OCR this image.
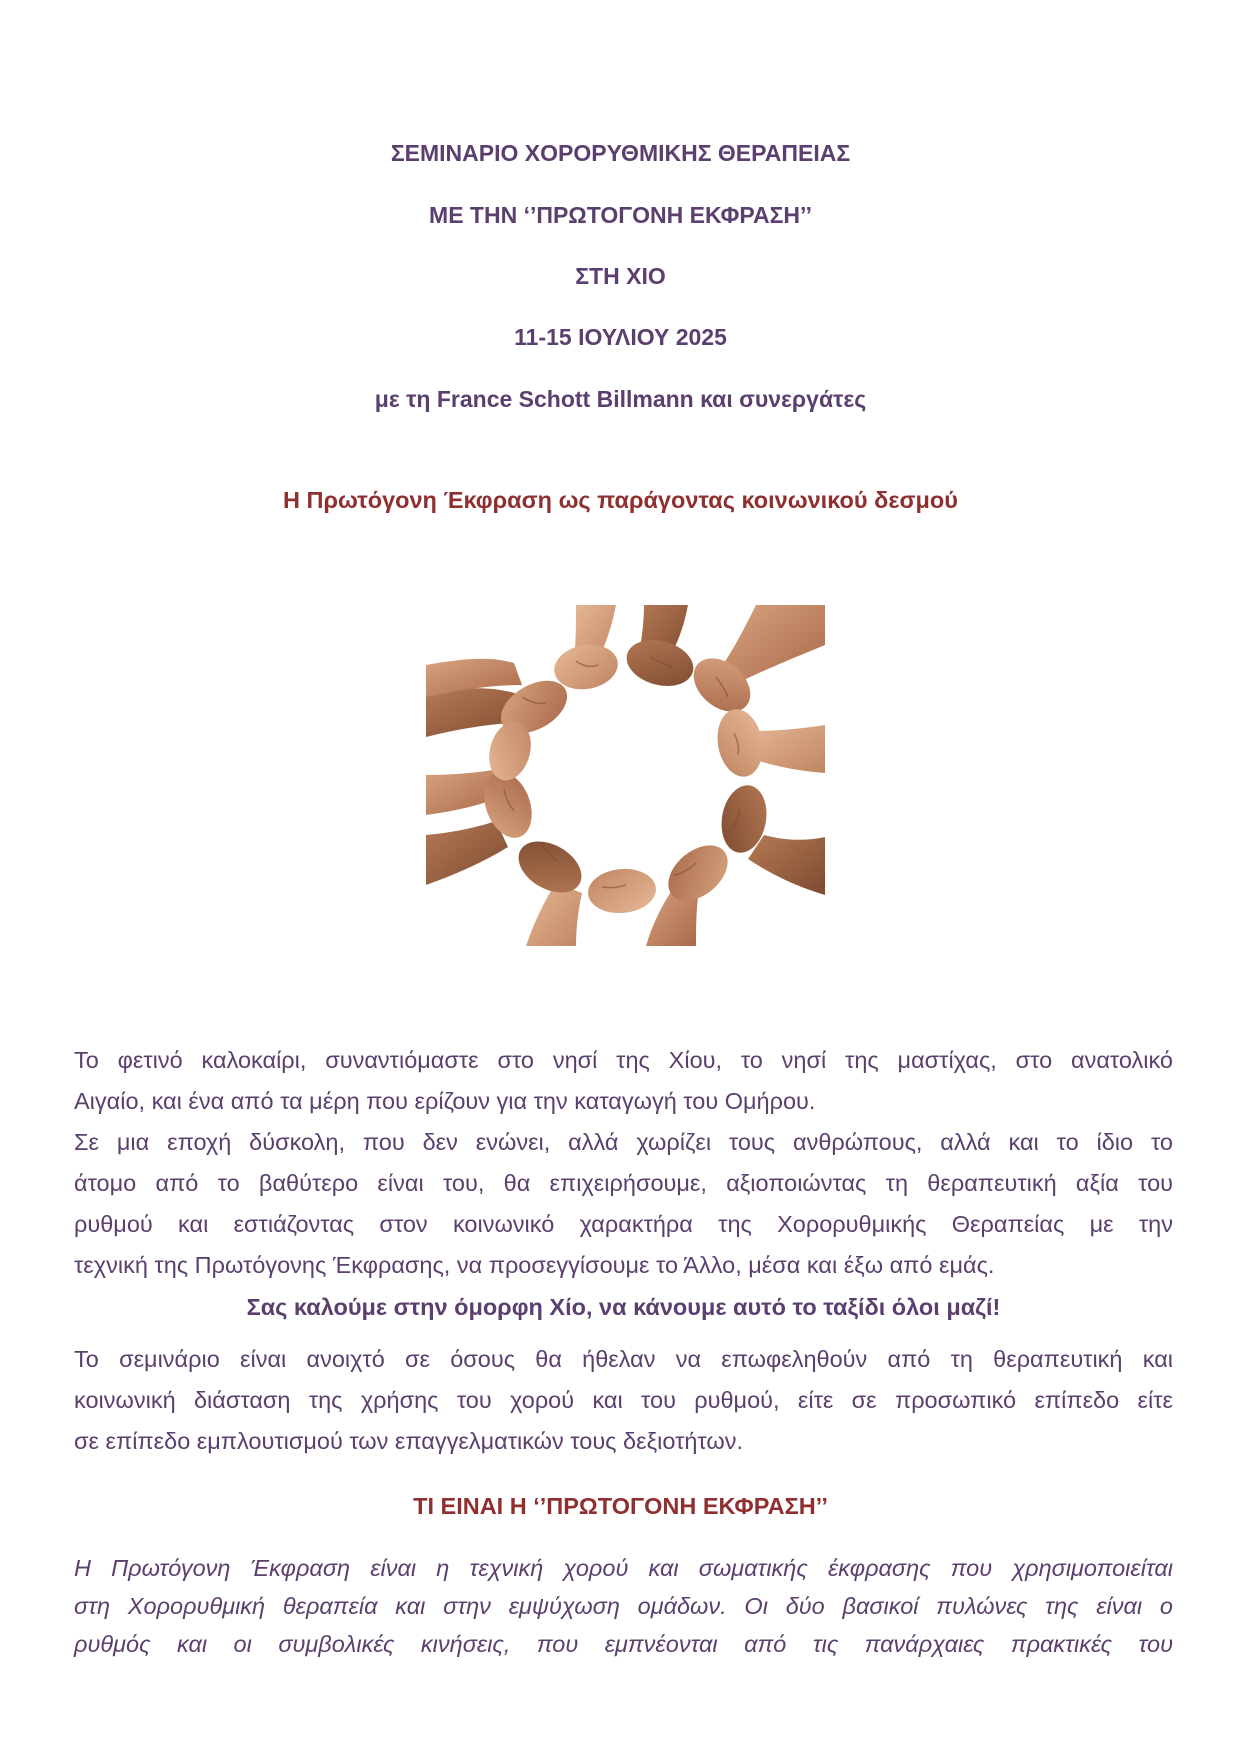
ΣΕΜΙΝΑΡΙΟ ΧΟΡΟΡΥΘΜΙΚΗΣ ΘΕΡΑΠΕΙΑΣ
ΜΕ ΤΗΝ ‘’ΠΡΩΤΟΓΟΝΗ ΕΚΦΡΑΣΗ’’
ΣΤΗ ΧΙΟ
11-15 ΙΟΥΛΙΟΥ 2025
με τη France Schott Billmann και συνεργάτες
Η Πρωτόγονη Έκφραση ως παράγοντας κοινωνικού δεσμού
Το φετινό καλοκαίρι, συναντιόμαστε στο νησί της Χίου, το νησί της μαστίχας, στο ανατολικό
Αιγαίο, και ένα από τα μέρη που ερίζουν για την καταγωγή του Ομήρου.
Σε μια εποχή δύσκολη, που δεν ενώνει, αλλά χωρίζει τους ανθρώπους, αλλά και το ίδιο το
άτομο από το βαθύτερο είναι του, θα επιχειρήσουμε, αξιοποιώντας τη θεραπευτική αξία του
ρυθμού και εστιάζοντας στον κοινωνικό χαρακτήρα της Χορορυθμικής Θεραπείας με την
τεχνική της Πρωτόγονης Έκφρασης, να προσεγγίσουμε το Άλλο, μέσα και έξω από εμάς.
Σας καλούμε στην όμορφη Χίο, να κάνουμε αυτό το ταξίδι όλοι μαζί!
Το σεμινάριο είναι ανοιχτό σε όσους θα ήθελαν να επωφεληθούν από τη θεραπευτική και
κοινωνική διάσταση της χρήσης του χορού και του ρυθμού, είτε σε προσωπικό επίπεδο είτε
σε επίπεδο εμπλουτισμού των επαγγελματικών τους δεξιοτήτων.
ΤΙ ΕΙΝΑΙ Η ‘’ΠΡΩΤΟΓΟΝΗ ΕΚΦΡΑΣΗ’’
Η Πρωτόγονη Έκφραση είναι η τεχνική χορού και σωματικής έκφρασης που χρησιμοποιείται
στη Χορορυθμική θεραπεία και στην εμψύχωση ομάδων. Οι δύο βασικοί πυλώνες της είναι ο
ρυθμός και οι συμβολικές κινήσεις, που εμπνέονται από τις πανάρχαιες πρακτικές του
